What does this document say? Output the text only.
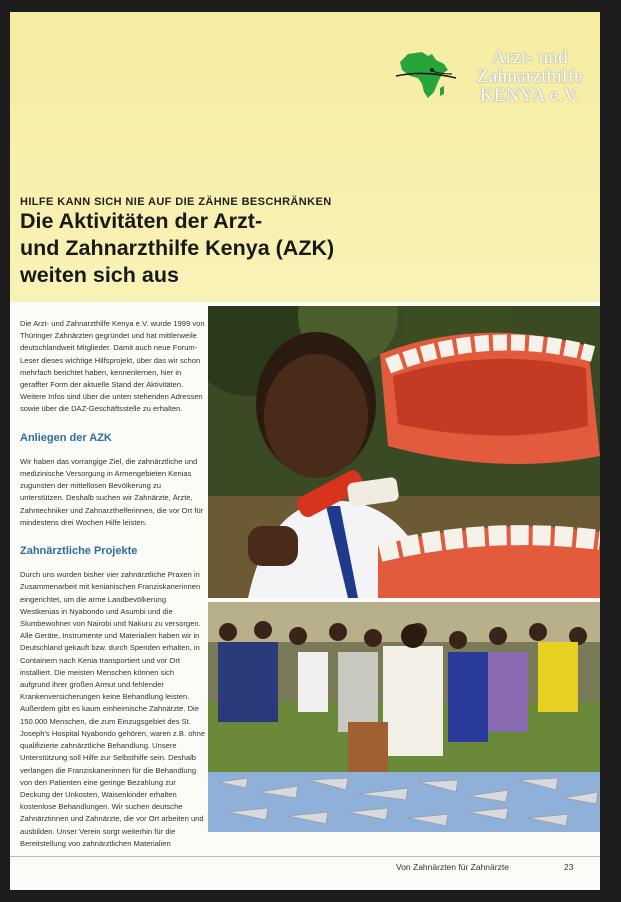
Arzt- und
Zahnarzthilfe
KENYA e.V.
HILFE KANN SICH NIE AUF DIE ZÄHNE BESCHRÄNKEN
Die Aktivitäten der Arzt-
und Zahnarzthilfe Kenya (AZK)
weiten sich aus

Die Arzt- und Zahnarzthilfe Kenya e.V. wurde 1999 von Thüringer Zahnärzten gegründet und hat mittlerweile deutschlandweit Mitglieder. Damit auch neue Forum-Leser dieses wichtige Hilfsprojekt, über das wir schon mehrfach berichtet haben, kennenlernen, hier in geraffter Form der aktuelle Stand der Aktivitäten. Weitere Infos sind über die unten stehenden Adressen sowie über die DAZ-Geschäftsstelle zu erhalten.

Anliegen der AZK

Wir haben das vorrangige Ziel, die zahnärztliche und medizinische Versorgung in Armengebieten Kenias zugunsten der mittellosen Bevölkerung zu unterstützen. Deshalb suchen wir Zahnärzte, Ärzte, Zahntechniker und Zahnarzthelferinnen, die vor Ort für mindestens drei Wochen Hilfe leisten.

Zahnärztliche Projekte

Durch uns wurden bisher vier zahnärztliche Praxen in Zusammenarbeit mit kenianischen Franziskanerinnen eingerichtet, um die arme Landbevölkerung Westkenias in Nyabondo und Asumbi und die Slumbewohner von Nairobi und Nakuru zu versorgen. Alle Geräte, Instrumente und Materialien haben wir in Deutschland gekauft bzw. durch Spenden erhalten, in Containern nach Kenia transportiert und vor Ort installiert. Die meisten Menschen können sich aufgrund ihrer großen Armut und fehlender Krankenversicherungen keine Behandlung leisten. Außerdem gibt es kaum einheimische Zahnärzte. Die 150.000 Menschen, die zum Einzugsgebiet des St. Joseph's Hospital Nyabondo gehören, waren z.B. ohne qualifizierte zahnärztliche Behandlung. Unsere Unterstützung soll Hilfe zur Selbsthilfe sein. Deshalb verlangen die Franziskanerinnen für die Behandlung von den Patienten eine geringe Bezahlung zur Deckung der Unkosten, Waisenkinder erhalten kostenlose Behandlungen. Wir suchen deutsche Zahnärztinnen und Zahnärzte, die vor Ort arbeiten und ausbilden. Unser Verein sorgt weiterhin für die Bereitstellung von zahnärztlichen Materialien

Von Zahnärzten für Zahnärzte	23
